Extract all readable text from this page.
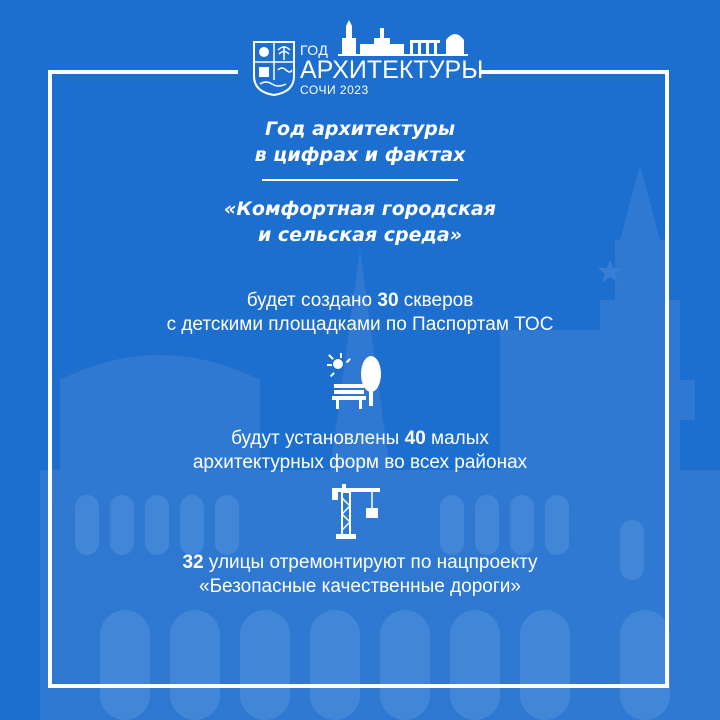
ГОД
АРХИТЕКТУРЫ
СОЧИ 2023
Год архитектуры
в цифрах и фактах
«Комфортная городская
и сельская среда»
будет создано 30 скверов
с детскими площадками по Паспортам ТОС
будут установлены 40 малых
архитектурных форм во всех районах
32 улицы отремонтируют по нацпроекту
«Безопасные качественные дороги»
